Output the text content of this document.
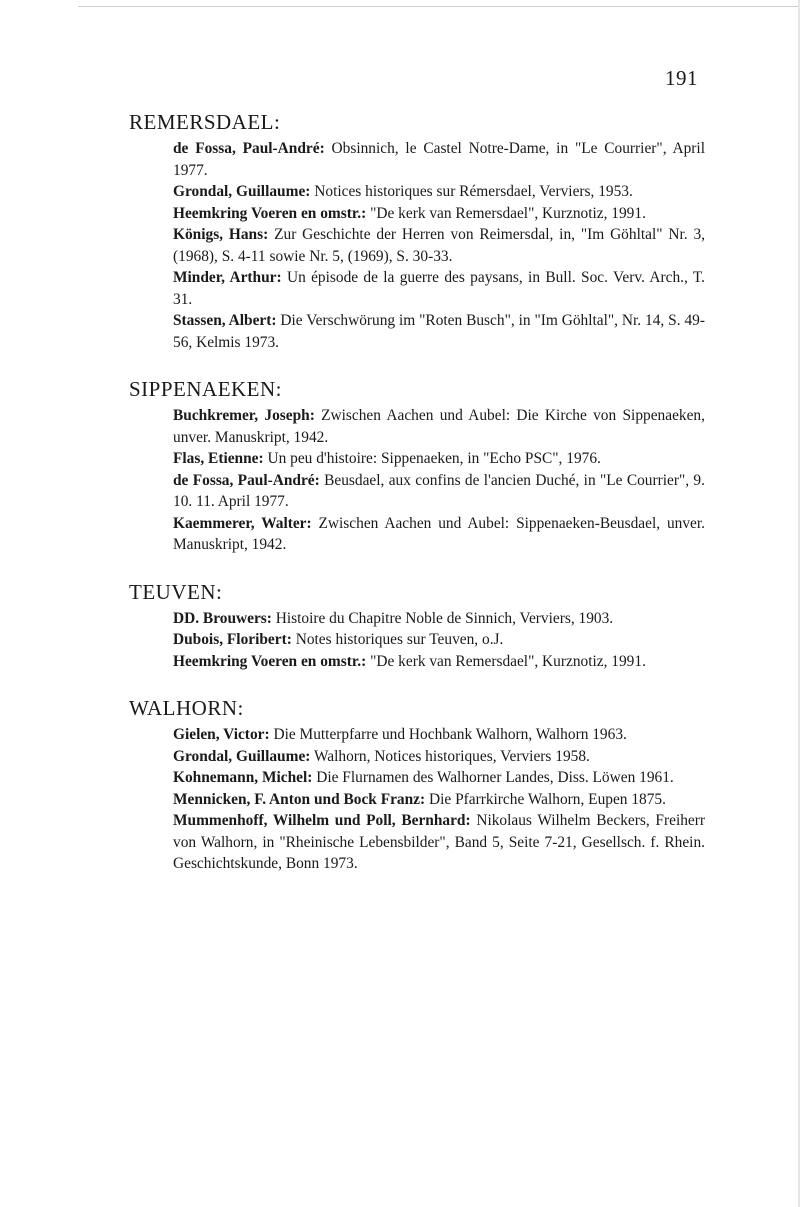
191
REMERSDAEL:

de Fossa, Paul-André: Obsinnich, le Castel Notre-Dame, in "Le Courrier", April 1977.

Grondal, Guillaume: Notices historiques sur Rémersdael, Verviers, 1953.

Heemkring Voeren en omstr.: "De kerk van Remersdael", Kurznotiz, 1991.

Königs, Hans: Zur Geschichte der Herren von Reimersdal, in, "Im Göhltal" Nr. 3, (1968), S. 4-11 sowie Nr. 5, (1969), S. 30-33.

Minder, Arthur: Un épisode de la guerre des paysans, in Bull. Soc. Verv. Arch., T. 31.

Stassen, Albert: Die Verschwörung im "Roten Busch", in "Im Göhltal", Nr. 14, S. 49-56, Kelmis 1973.

SIPPENAEKEN:

Buchkremer, Joseph: Zwischen Aachen und Aubel: Die Kirche von Sippenaeken, unver. Manuskript, 1942.

Flas, Etienne: Un peu d'histoire: Sippenaeken, in "Echo PSC", 1976.

de Fossa, Paul-André: Beusdael, aux confins de l'ancien Duché, in "Le Courrier", 9. 10. 11. April 1977.

Kaemmerer, Walter: Zwischen Aachen und Aubel: Sippenaeken-Beusdael, unver. Manuskript, 1942.

TEUVEN:

DD. Brouwers: Histoire du Chapitre Noble de Sinnich, Verviers, 1903.

Dubois, Floribert: Notes historiques sur Teuven, o.J.

Heemkring Voeren en omstr.: "De kerk van Remersdael", Kurznotiz, 1991.

WALHORN:

Gielen, Victor: Die Mutterpfarre und Hochbank Walhorn, Walhorn 1963.

Grondal, Guillaume: Walhorn, Notices historiques, Verviers 1958.

Kohnemann, Michel: Die Flurnamen des Walhorner Landes, Diss. Löwen 1961.

Mennicken, F. Anton und Bock Franz: Die Pfarrkirche Walhorn, Eupen 1875.

Mummenhoff, Wilhelm und Poll, Bernhard: Nikolaus Wilhelm Beckers, Freiherr von Walhorn, in "Rheinische Lebensbilder", Band 5, Seite 7-21, Gesellsch. f. Rhein. Geschichtskunde, Bonn 1973.
